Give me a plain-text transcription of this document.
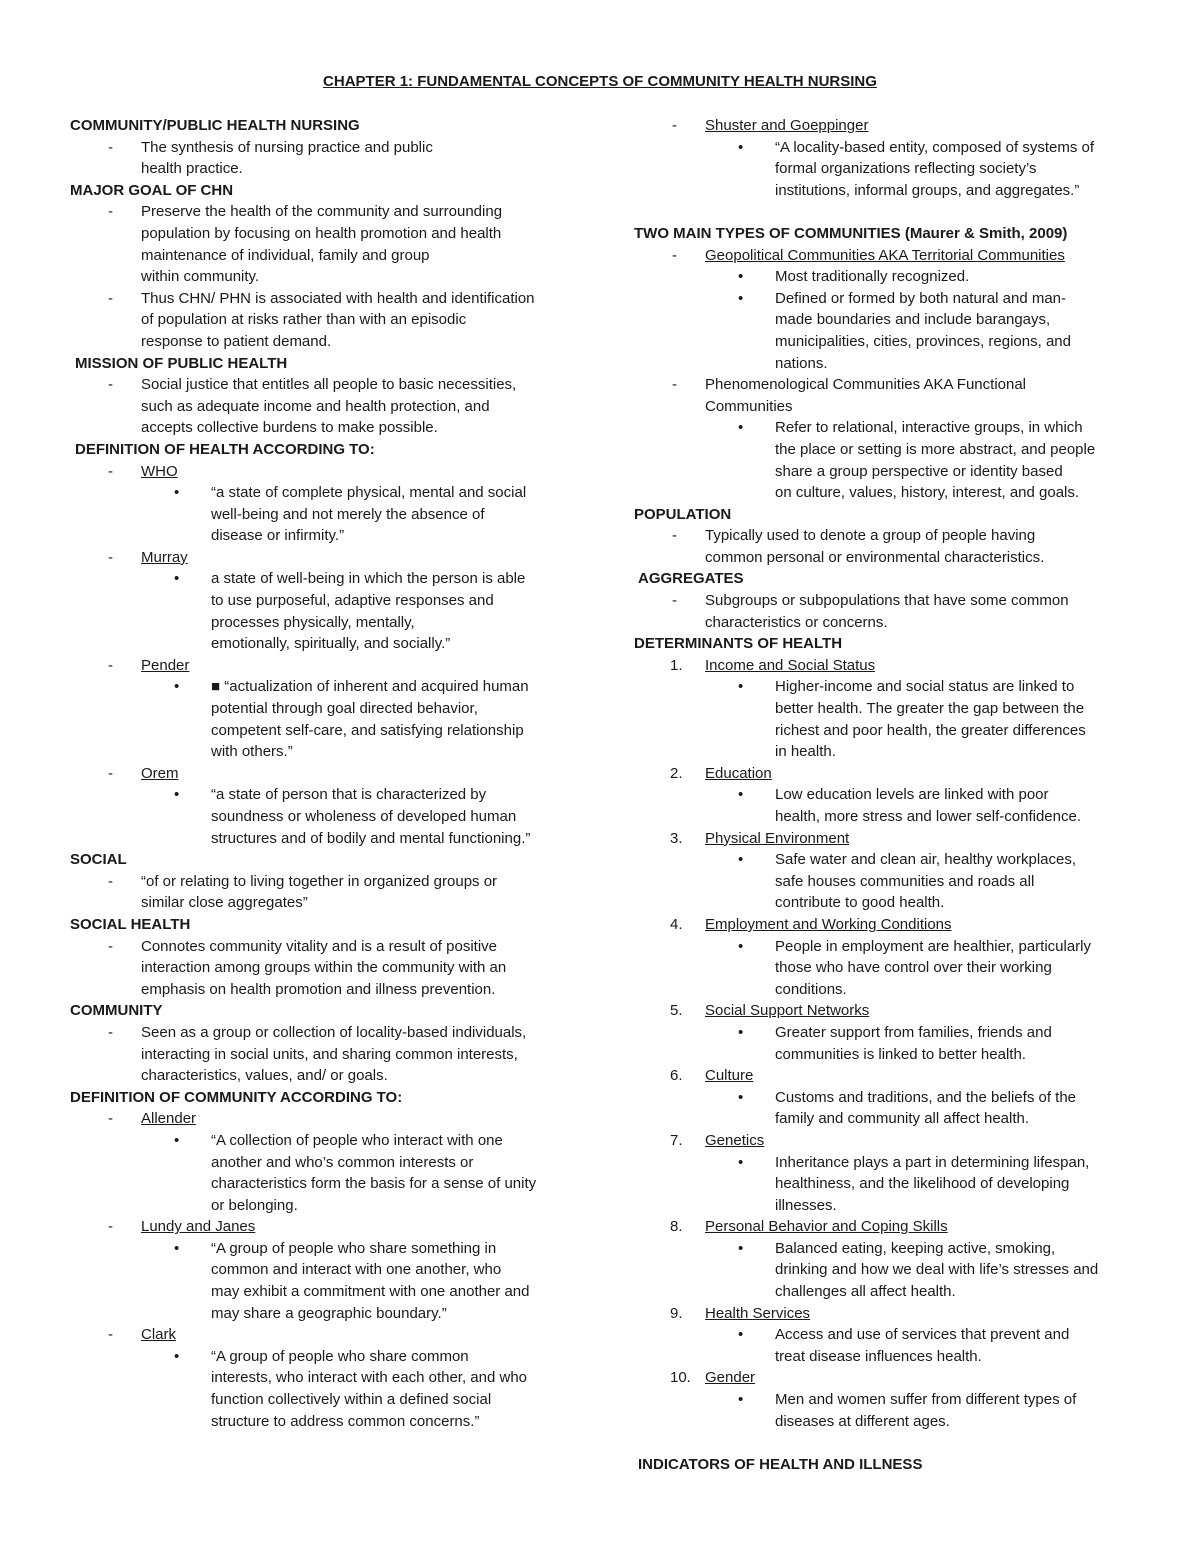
CHAPTER 1: FUNDAMENTAL CONCEPTS OF COMMUNITY HEALTH NURSING
COMMUNITY/PUBLIC HEALTH NURSING
- The synthesis of nursing practice and public
health practice.
MAJOR GOAL OF CHN
- Preserve the health of the community and surrounding
population by focusing on health promotion and health
maintenance of individual, family and group
within community.
- Thus CHN/ PHN is associated with health and identification
of population at risks rather than with an episodic
response to patient demand.
MISSION OF PUBLIC HEALTH
- Social justice that entitles all people to basic necessities,
such as adequate income and health protection, and
accepts collective burdens to make possible.
DEFINITION OF HEALTH ACCORDING TO:
- WHO
• “a state of complete physical, mental and social
well-being and not merely the absence of
disease or infirmity.”
- Murray
• a state of well-being in which the person is able
to use purposeful, adaptive responses and
processes physically, mentally,
emotionally, spiritually, and socially.”
- Pender
• ■ “actualization of inherent and acquired human
potential through goal directed behavior,
competent self-care, and satisfying relationship
with others.”
- Orem
• “a state of person that is characterized by
soundness or wholeness of developed human
structures and of bodily and mental functioning.”
SOCIAL
- “of or relating to living together in organized groups or
similar close aggregates”
SOCIAL HEALTH
- Connotes community vitality and is a result of positive
interaction among groups within the community with an
emphasis on health promotion and illness prevention.
COMMUNITY
- Seen as a group or collection of locality-based individuals,
interacting in social units, and sharing common interests,
characteristics, values, and/ or goals.
DEFINITION OF COMMUNITY ACCORDING TO:
- Allender
• “A collection of people who interact with one
another and who’s common interests or
characteristics form the basis for a sense of unity
or belonging.
- Lundy and Janes
• “A group of people who share something in
common and interact with one another, who
may exhibit a commitment with one another and
may share a geographic boundary.”
- Clark
• “A group of people who share common
interests, who interact with each other, and who
function collectively within a defined social
structure to address common concerns.”
- Shuster and Goeppinger
• “A locality-based entity, composed of systems of
formal organizations reflecting society’s
institutions, informal groups, and aggregates.”
TWO MAIN TYPES OF COMMUNITIES (Maurer & Smith, 2009)
- Geopolitical Communities AKA Territorial Communities
• Most traditionally recognized.
• Defined or formed by both natural and man-
made boundaries and include barangays,
municipalities, cities, provinces, regions, and
nations.
- Phenomenological Communities AKA Functional
Communities
• Refer to relational, interactive groups, in which
the place or setting is more abstract, and people
share a group perspective or identity based
on culture, values, history, interest, and goals.
POPULATION
- Typically used to denote a group of people having
common personal or environmental characteristics.
AGGREGATES
- Subgroups or subpopulations that have some common
characteristics or concerns.
DETERMINANTS OF HEALTH
1. Income and Social Status
• Higher-income and social status are linked to
better health. The greater the gap between the
richest and poor health, the greater differences
in health.
2. Education
• Low education levels are linked with poor
health, more stress and lower self-confidence.
3. Physical Environment
• Safe water and clean air, healthy workplaces,
safe houses communities and roads all
contribute to good health.
4. Employment and Working Conditions
• People in employment are healthier, particularly
those who have control over their working
conditions.
5. Social Support Networks
• Greater support from families, friends and
communities is linked to better health.
6. Culture
• Customs and traditions, and the beliefs of the
family and community all affect health.
7. Genetics
• Inheritance plays a part in determining lifespan,
healthiness, and the likelihood of developing
illnesses.
8. Personal Behavior and Coping Skills
• Balanced eating, keeping active, smoking,
drinking and how we deal with life’s stresses and
challenges all affect health.
9. Health Services
• Access and use of services that prevent and
treat disease influences health.
10. Gender
• Men and women suffer from different types of
diseases at different ages.
INDICATORS OF HEALTH AND ILLNESS
